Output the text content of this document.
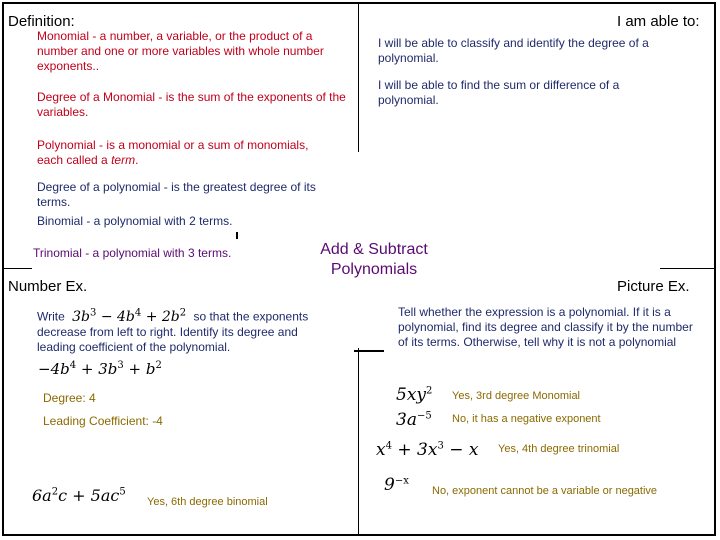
Definition:	I am able to:
Number Ex.	Picture Ex.
Add & Subtract Polynomials
Monomial - a number, a variable, or the product of a number and one or more variables with whole number exponents..
Degree of a Monomial - is the sum of the exponents of the variables.
Polynomial - is a monomial or a sum of monomials, each called a term.
Degree of a polynomial - is the greatest degree of its terms.
Binomial - a polynomial with 2 terms.
Trinomial - a polynomial with 3 terms.
I will be able to classify and identify the degree of a polynomial.
I will be able to find the sum or difference of a polynomial.
Write $3b^3 - 4b^4 + 2b^2$ so that the exponents decrease from left to right. Identify its degree and leading coefficient of the polynomial.
$-4b^4 + 3b^3 + b^2$
Degree: 4
Leading Coefficient: -4
$6a^2c + 5ac^5$
Yes, 6th degree binomial
Tell whether the expression is a polynomial. If it is a polynomial, find its degree and classify it by the number of its terms. Otherwise, tell why it is not a polynomial
$5xy^2$ Yes, 3rd degree Monomial
$3a^{-5}$ No, it has a negative exponent
$x^4 + 3x^3 - x$ Yes, 4th degree trinomial
$9^{-x}$
No, exponent cannot be a variable or negative
